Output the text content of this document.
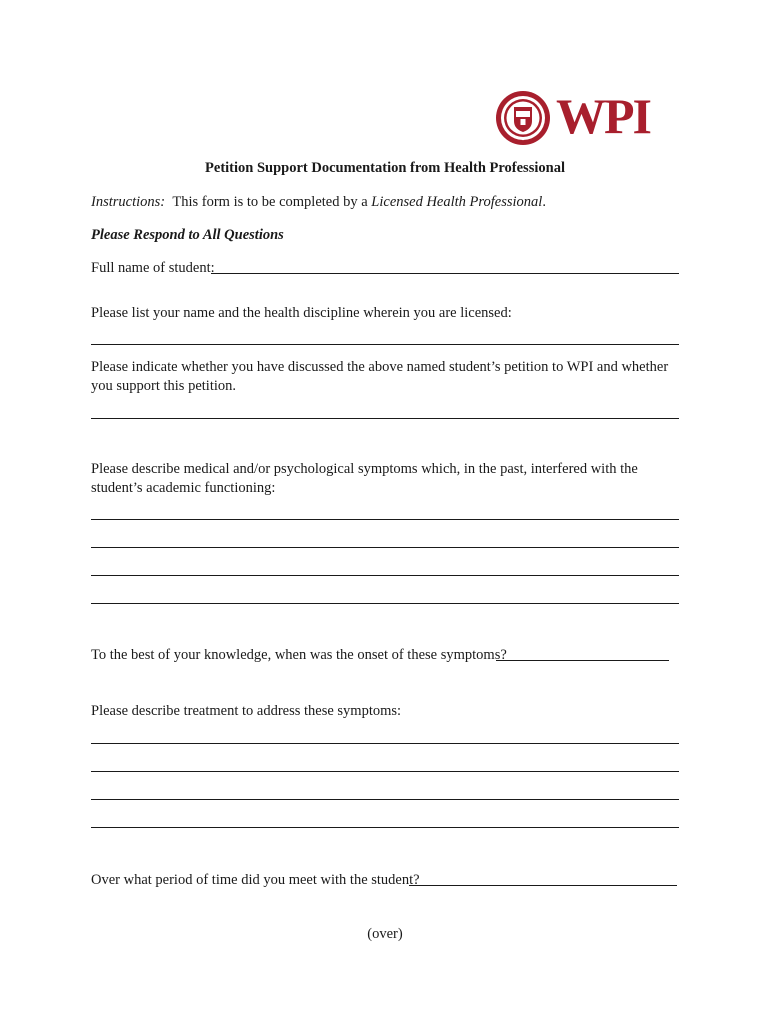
WPI
Petition Support Documentation from Health Professional
Instructions: This form is to be completed by a Licensed Health Professional.
Please Respond to All Questions
Full name of student:
Please list your name and the health discipline wherein you are licensed:
Please indicate whether you have discussed the above named student’s petition to WPI and whether you support this petition.
Please describe medical and/or psychological symptoms which, in the past, interfered with the student’s academic functioning:
To the best of your knowledge, when was the onset of these symptoms?
Please describe treatment to address these symptoms:
Over what period of time did you meet with the student?
(over)
